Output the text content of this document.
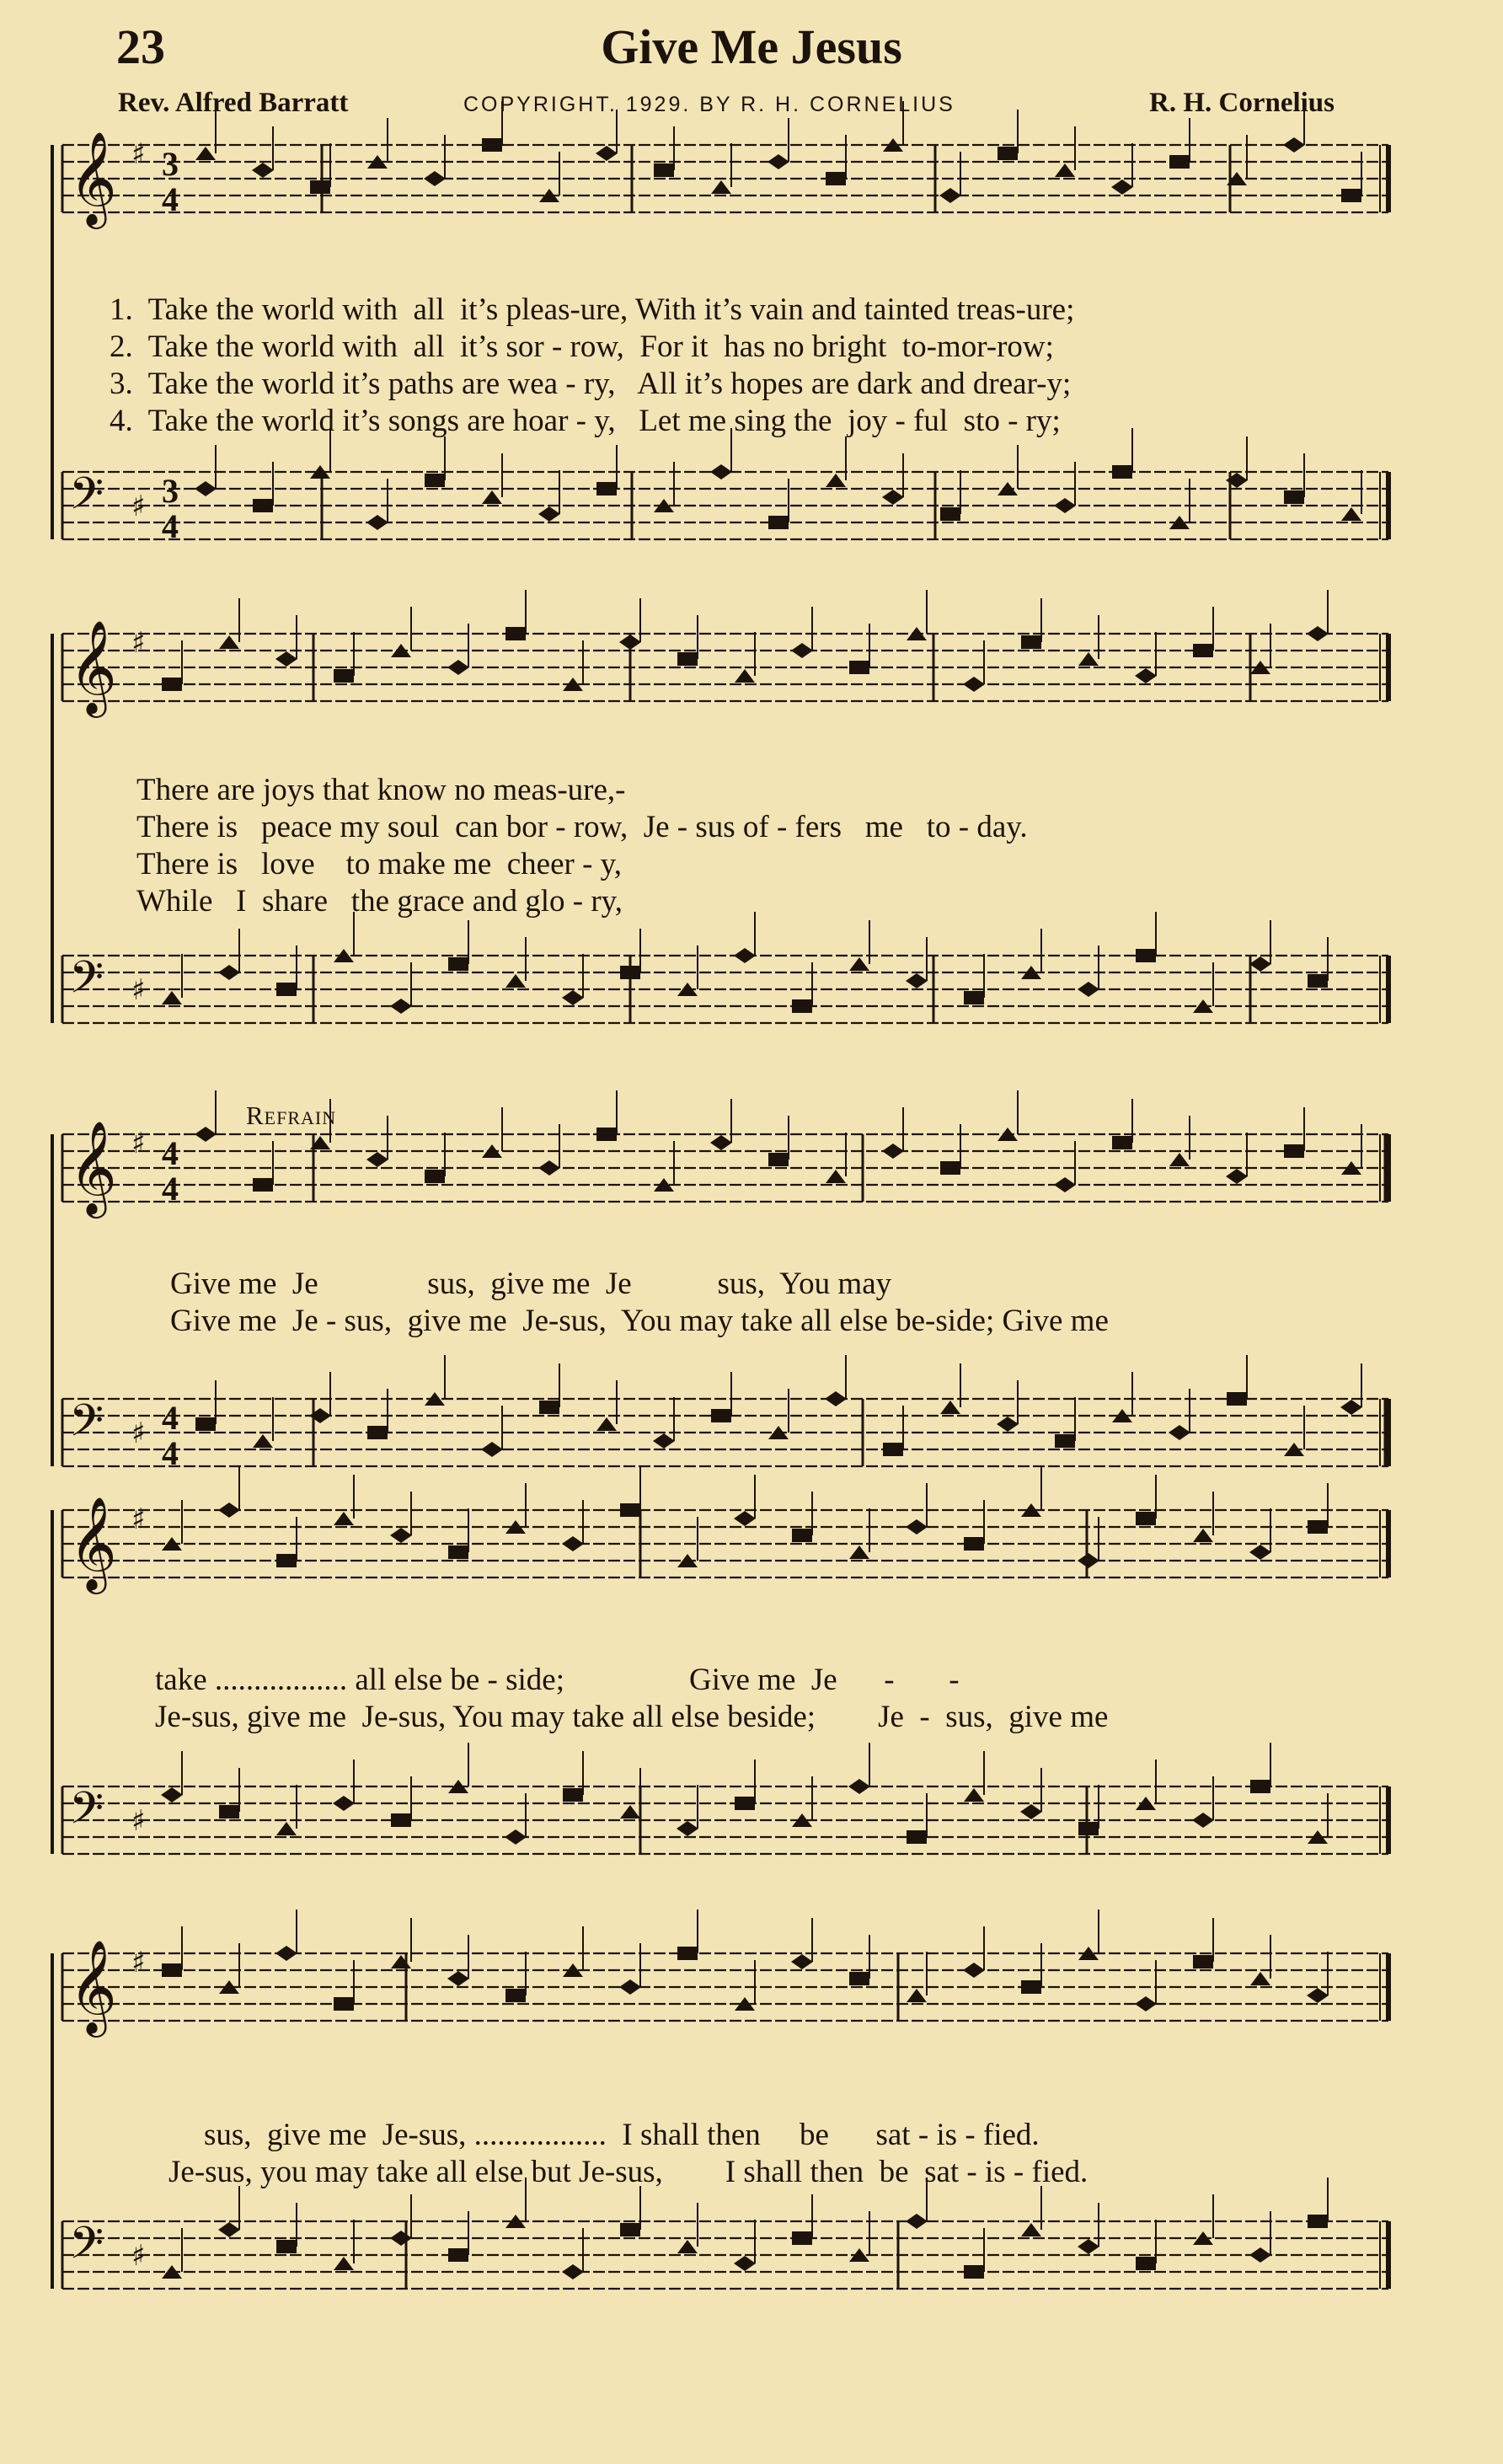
23	Give Me Jesus
Rev. Alfred Barratt	COPYRIGHT. 1929. BY R. H. CORNELIUS	R. H. Cornelius
𝄞 ♯ 3
4
𝄢 ♯ 3
4
𝄞 ♯
𝄢 ♯
𝄞 ♯ 4
4
𝄢 ♯ 4
4
𝄞 ♯
𝄢 ♯
𝄞 ♯
𝄢 ♯
1.  Take the world with  all  it’s pleas-ure, With it’s vain and tainted treas-ure;
2.  Take the world with  all  it’s sor - row,  For it  has no bright  to-mor-row;
3.  Take the world it’s paths are wea - ry,   All it’s hopes are dark and drear-y;
4.  Take the world it’s songs are hoar - y,   Let me sing the  joy - ful  sto - ry;
There are joys that know no meas-ure,-
There is   peace my soul  can bor - row,  Je - sus of - fers   me   to - day.
There is   love    to make me  cheer - y,
While   I  share   the grace and glo - ry,
Refrain
Give me  Je              sus,  give me  Je           sus,  You may
Give me  Je - sus,  give me  Je-sus,  You may take all else be-side; Give me
take ................. all else be - side;                Give me  Je      -       -
Je-sus, give me  Je-sus, You may take all else beside;        Je  -  sus,  give me
sus,  give me  Je-sus, .................  I shall then     be      sat - is - fied.
Je-sus, you may take all else but Je-sus,        I shall then  be  sat - is - fied.
